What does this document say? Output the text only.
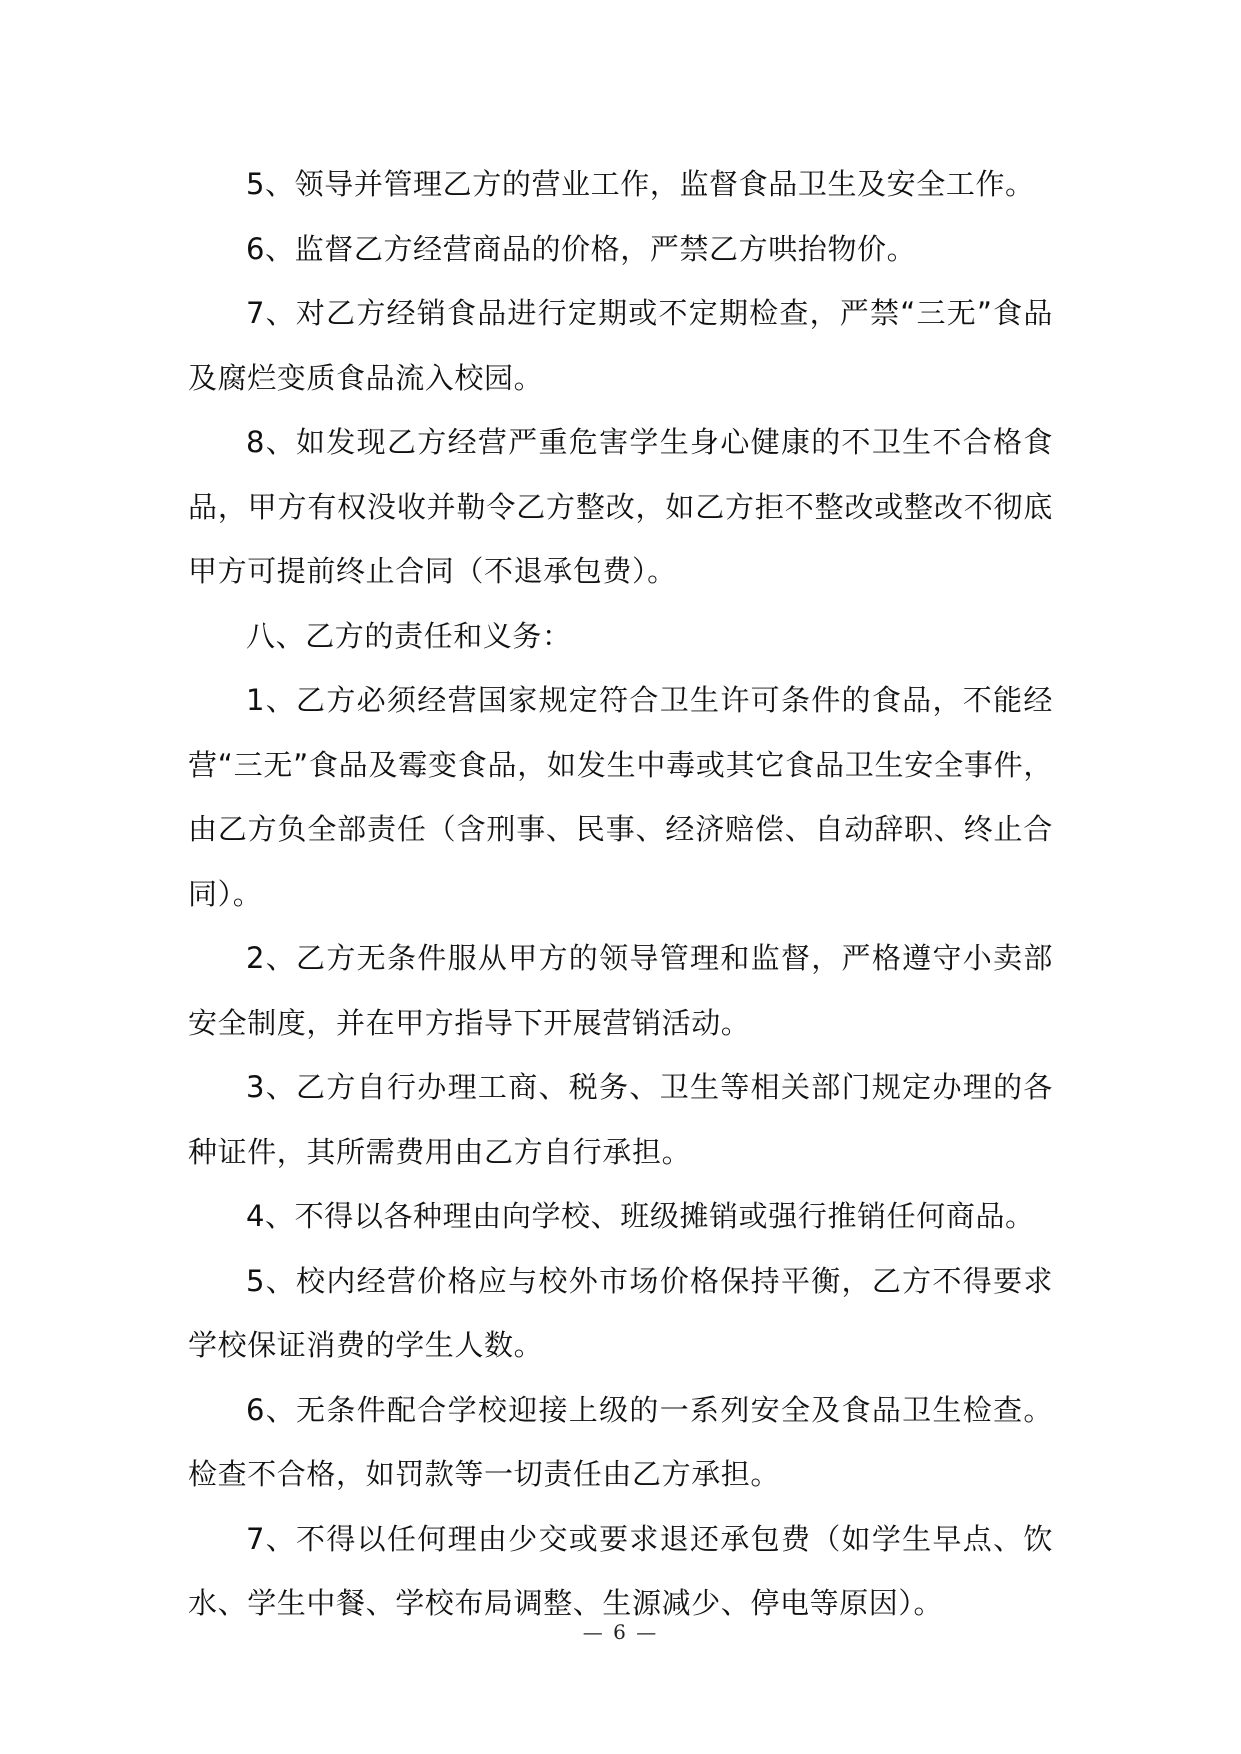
5、领导并管理乙方的营业工作，监督食品卫生及安全工作。

6、监督乙方经营商品的价格，严禁乙方哄抬物价。

7、对乙方经销食品进行定期或不定期检查，严禁“三无”食品及腐烂变质食品流入校园。

8、如发现乙方经营严重危害学生身心健康的不卫生不合格食品，甲方有权没收并勒令乙方整改，如乙方拒不整改或整改不彻底甲方可提前终止合同（不退承包费）。

八、乙方的责任和义务：

1、乙方必须经营国家规定符合卫生许可条件的食品，不能经营“三无”食品及霉变食品，如发生中毒或其它食品卫生安全事件，由乙方负全部责任（含刑事、民事、经济赔偿、自动辞职、终止合同）。

2、乙方无条件服从甲方的领导管理和监督，严格遵守小卖部安全制度，并在甲方指导下开展营销活动。

3、乙方自行办理工商、税务、卫生等相关部门规定办理的各种证件，其所需费用由乙方自行承担。

4、不得以各种理由向学校、班级摊销或强行推销任何商品。

5、校内经营价格应与校外市场价格保持平衡，乙方不得要求学校保证消费的学生人数。

6、无条件配合学校迎接上级的一系列安全及食品卫生检查。检查不合格，如罚款等一切责任由乙方承担。

7、不得以任何理由少交或要求退还承包费（如学生早点、饮水、学生中餐、学校布局调整、生源减少、停电等原因）。

— 6 —
